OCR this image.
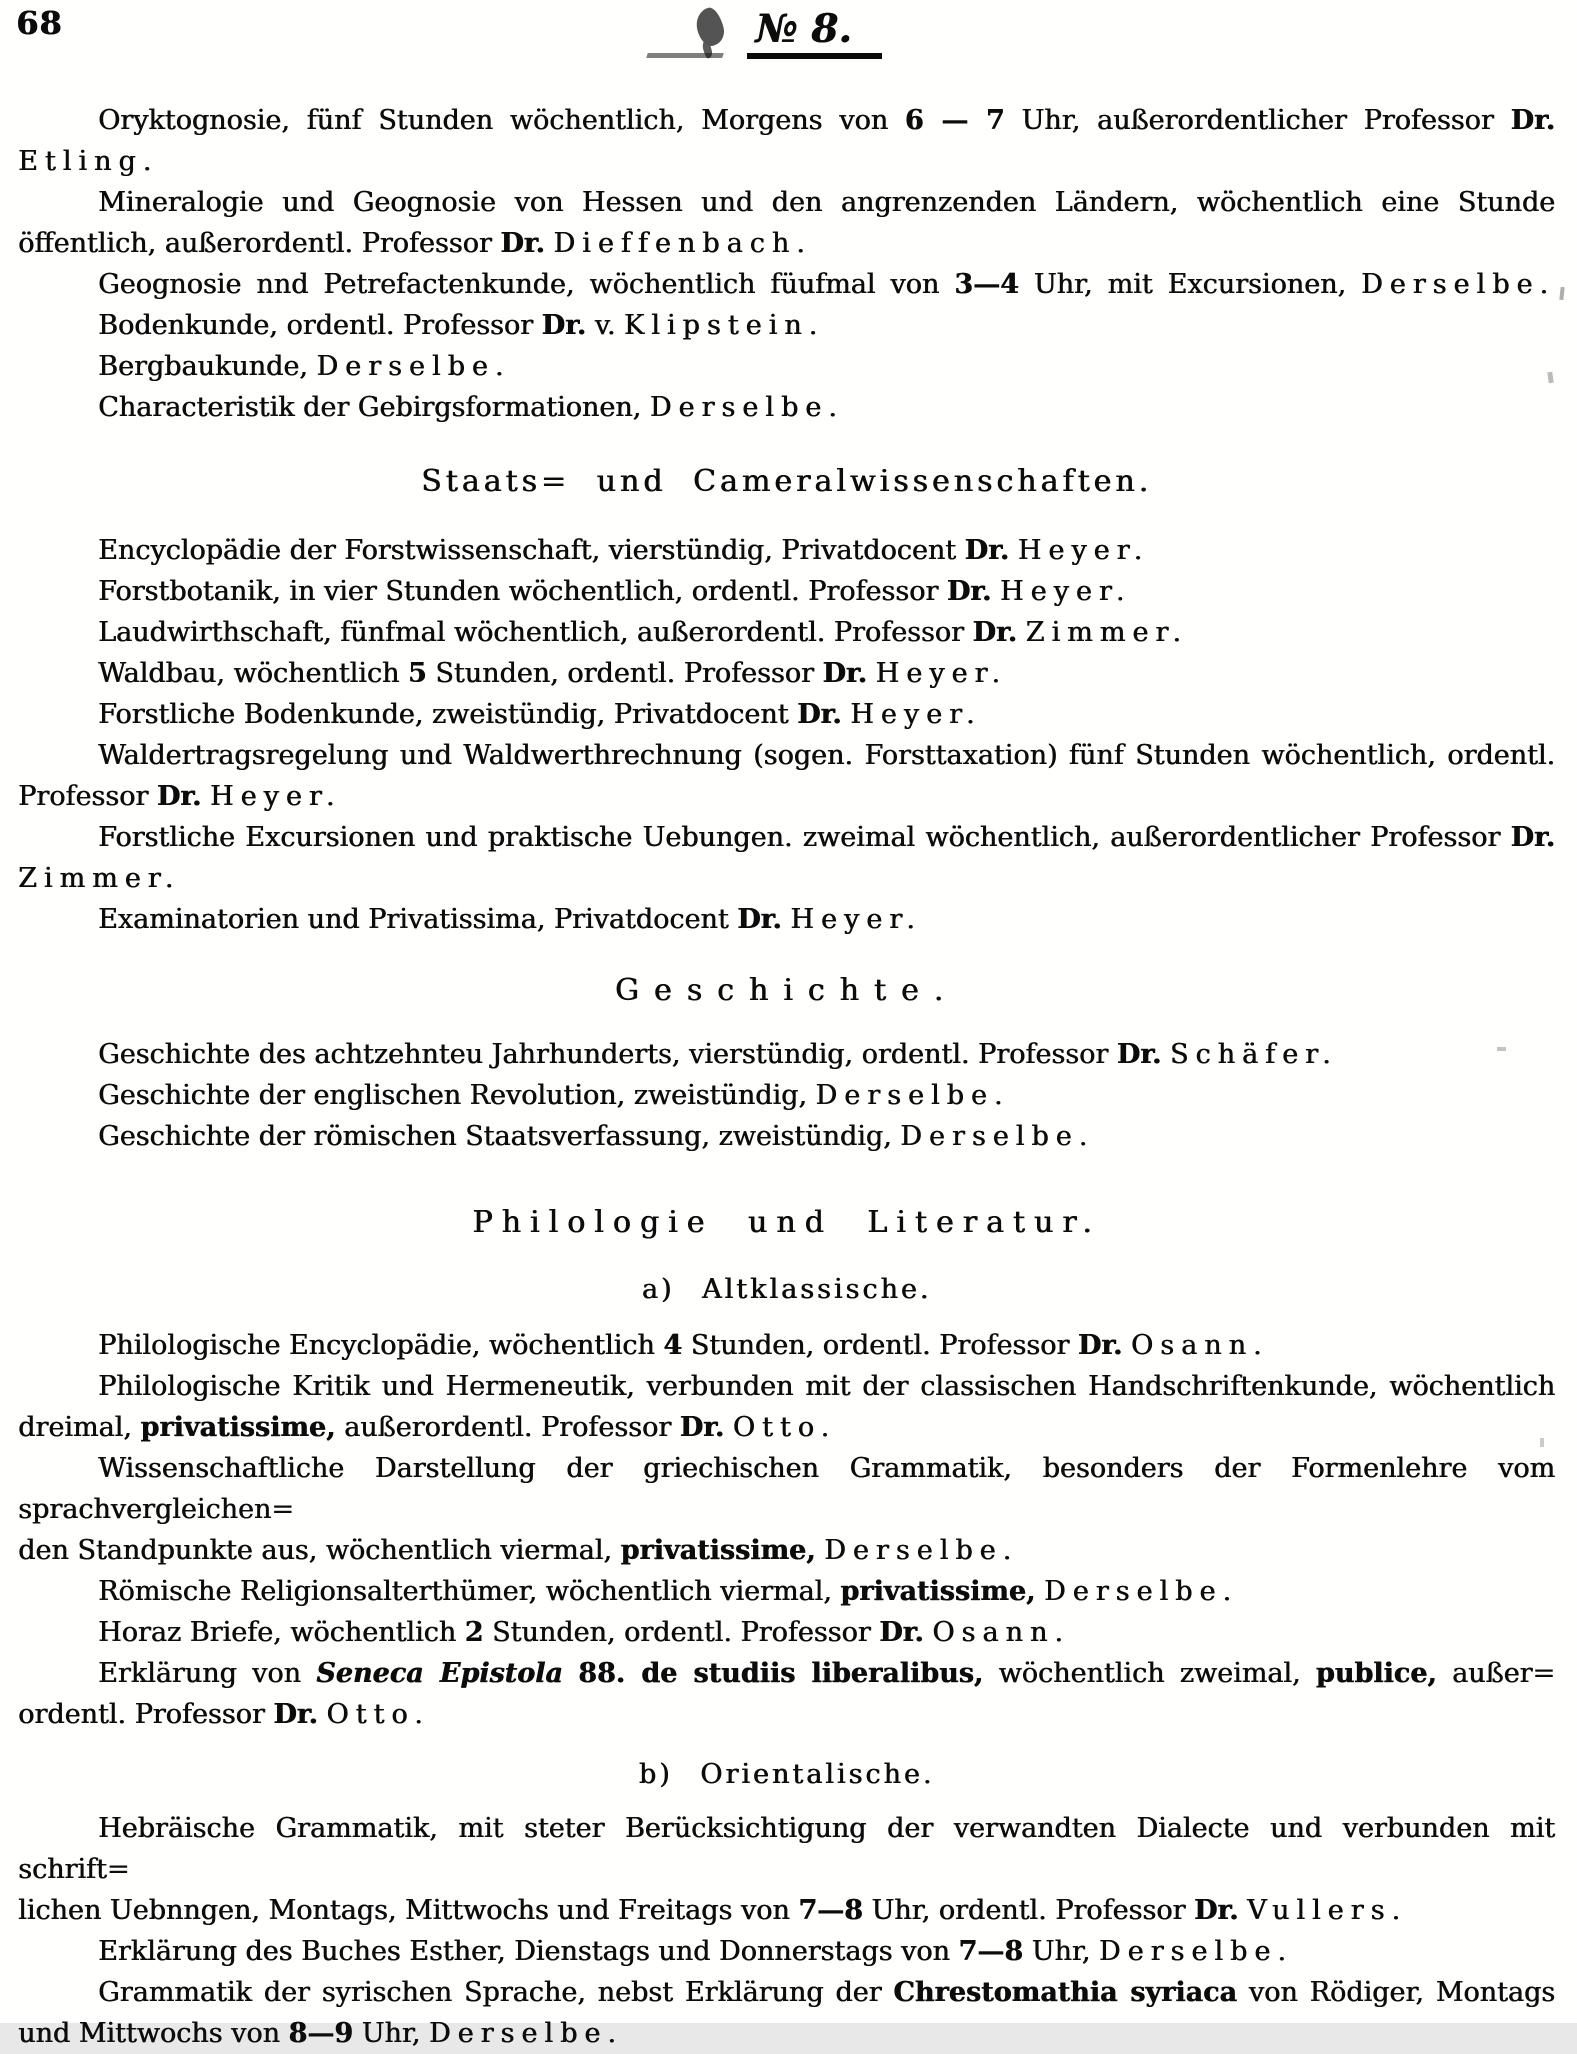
68	№ 8.
Oryktognosie, fünf Stunden wöchentlich, Morgens von 6 — 7 Uhr, außerordentlicher Professor Dr.
Etling.
Mineralogie und Geognosie von Hessen und den angrenzenden Ländern, wöchentlich eine Stunde
öffentlich, außerordentl. Professor Dr. Dieffenbach.
Geognosie nnd Petrefactenkunde, wöchentlich füufmal von 3—4 Uhr, mit Excursionen, Derselbe.
Bodenkunde, ordentl. Professor Dr. v. Klipstein.
Bergbaukunde, Derselbe.
Characteristik der Gebirgsformationen, Derselbe.
Staats= und Cameralwissenschaften.
Encyclopädie der Forstwissenschaft, vierstündig, Privatdocent Dr. Heyer.
Forstbotanik, in vier Stunden wöchentlich, ordentl. Professor Dr. Heyer.
Laudwirthschaft, fünfmal wöchentlich, außerordentl. Professor Dr. Zimmer.
Waldbau, wöchentlich 5 Stunden, ordentl. Professor Dr. Heyer.
Forstliche Bodenkunde, zweistündig, Privatdocent Dr. Heyer.
Waldertragsregelung und Waldwerthrechnung (sogen. Forsttaxation) fünf Stunden wöchentlich, ordentl.
Professor Dr. Heyer.
Forstliche Excursionen und praktische Uebungen. zweimal wöchentlich, außerordentlicher Professor Dr.
Zimmer.
Examinatorien und Privatissima, Privatdocent Dr. Heyer.
Geschichte.
Geschichte des achtzehnteu Jahrhunderts, vierstündig, ordentl. Professor Dr. Schäfer.
Geschichte der englischen Revolution, zweistündig, Derselbe.
Geschichte der römischen Staatsverfassung, zweistündig, Derselbe.
Philologie und Literatur.
a) Altklassische.
Philologische Encyclopädie, wöchentlich 4 Stunden, ordentl. Professor Dr. Osann.
Philologische Kritik und Hermeneutik, verbunden mit der classischen Handschriftenkunde, wöchentlich
dreimal, privatissime, außerordentl. Professor Dr. Otto.
Wissenschaftliche Darstellung der griechischen Grammatik, besonders der Formenlehre vom sprachvergleichen=
den Standpunkte aus, wöchentlich viermal, privatissime, Derselbe.
Römische Religionsalterthümer, wöchentlich viermal, privatissime, Derselbe.
Horaz Briefe, wöchentlich 2 Stunden, ordentl. Professor Dr. Osann.
Erklärung von Seneca Epistola 88. de studiis liberalibus, wöchentlich zweimal, publice, außer=
ordentl. Professor Dr. Otto.
b) Orientalische.
Hebräische Grammatik, mit steter Berücksichtigung der verwandten Dialecte und verbunden mit schrift=
lichen Uebnngen, Montags, Mittwochs und Freitags von 7—8 Uhr, ordentl. Professor Dr. Vullers.
Erklärung des Buches Esther, Dienstags und Donnerstags von 7—8 Uhr, Derselbe.
Grammatik der syrischen Sprache, nebst Erklärung der Chrestomathia syriaca von Rödiger, Montags
und Mittwochs von 8—9 Uhr, Derselbe.
